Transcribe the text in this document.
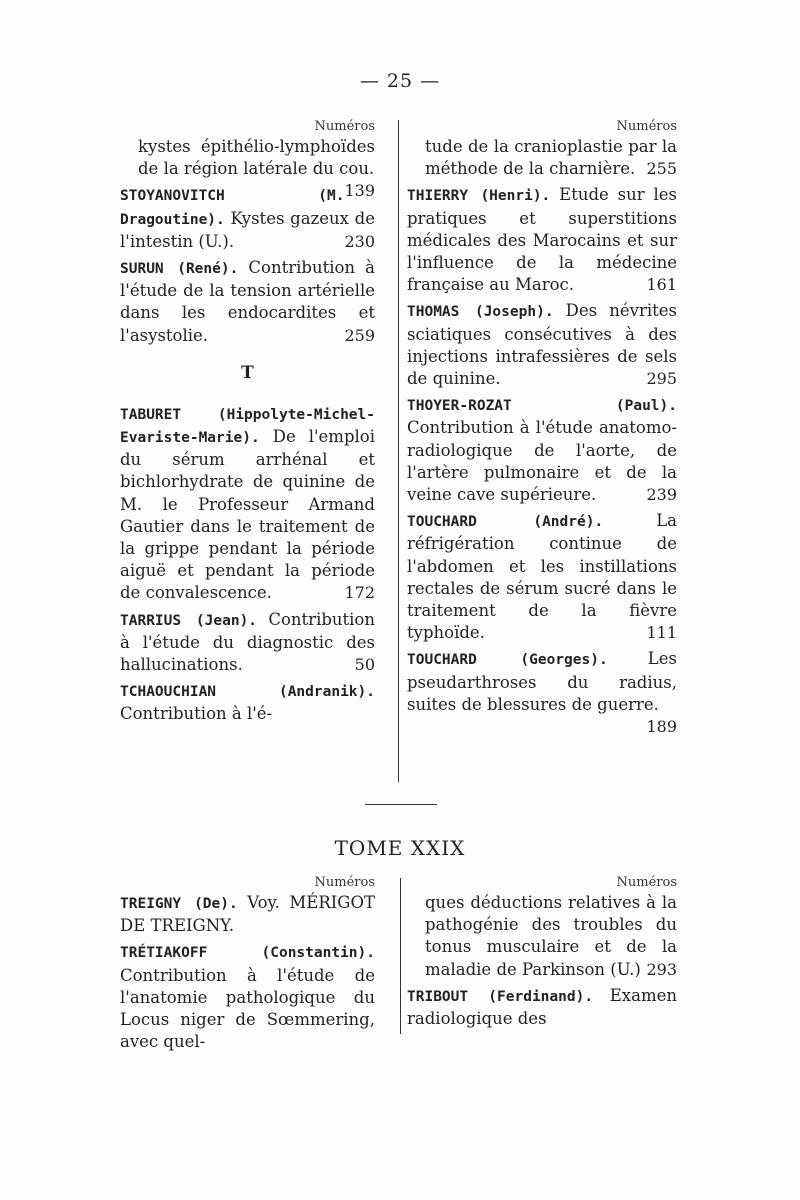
— 25 —
Numéros
kystes épithélio-lymphoïdes de la région latérale du cou.
139
STOYANOVITCH (M. Dragoutine). Kystes gazeux de l'intestin (U.).	230
SURUN (René). Contribution à l'étude de la tension artérielle dans les endocardites et l'asystolie.	259
T
TABURET (Hippolyte-Michel-Evariste-Marie). De l'emploi du sérum arrhénal et bichlorhydrate de quinine de M. le Professeur Armand Gautier dans le traitement de la grippe pendant la période aiguë et pendant la période de convalescence.	172
TARRIUS (Jean). Contribution à l'étude du diagnostic des hallucinations.	50
TCHAOUCHIAN (Andranik). Contribution à l'é-
Numéros
tude de la cranioplastie par la méthode de la charnière. 255
THIERRY (Henri). Etude sur les pratiques et superstitions médicales des Marocains et sur l'influence de la médecine française au Maroc.	161
THOMAS (Joseph). Des névrites sciatiques consécutives à des injections intrafessières de sels de quinine.	295
THOYER-ROZAT (Paul). Contribution à l'étude anatomo-radiologique de l'aorte, de l'artère pulmonaire et de la veine cave supérieure.	239
TOUCHARD (André).	La réfrigération continue de l'abdomen et les instillations rectales de sérum sucré dans le traitement de la fièvre typhoïde.	111
TOUCHARD (Georges). Les pseudarthroses du radius, suites de blessures de guerre.
189
TOME XXIX
Numéros
TREIGNY (De). Voy. MÉRIGOT DE TREIGNY.
TRÉTIAKOFF (Constantin). Contribution à l'étude de l'anatomie pathologique du Locus niger de Sœmmering, avec quel-
Numéros
ques déductions relatives à la pathogénie des troubles du tonus musculaire et de la maladie de Parkinson (U.) 293
TRIBOUT (Ferdinand). Examen radiologique des
